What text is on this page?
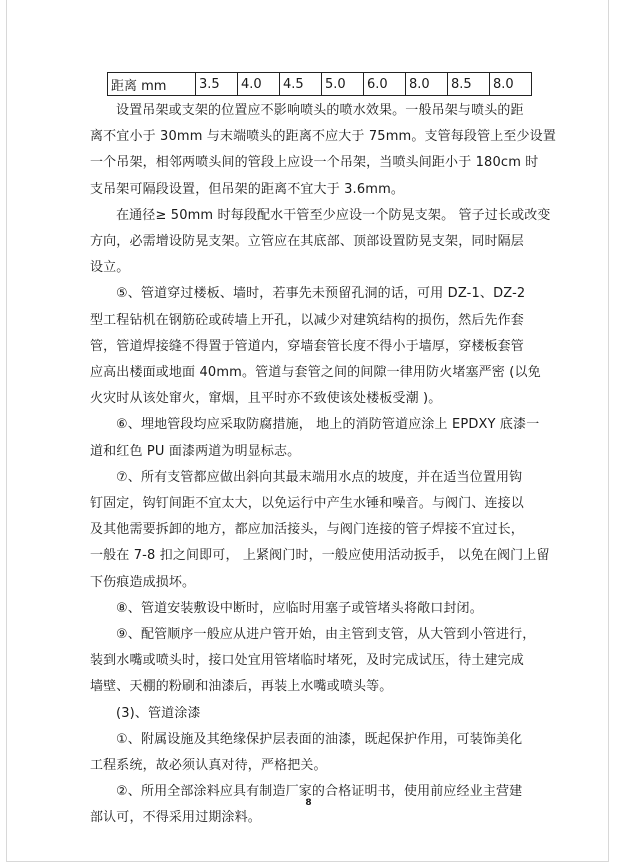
距离 mm	3.5	4.0	4.5	5.0	6.0	8.0	8.5	8.0

设置吊架或支架的位置应不影响喷头的喷水效果。一般吊架与喷头的距

离不宜小于 30mm 与末端喷头的距离不应大于 75mm。支管每段管上至少设置

一个吊架，相邻两喷头间的管段上应设一个吊架，当喷头间距小于 180cm 时

支吊架可隔段设置，但吊架的距离不宜大于 3.6mm。

在通径≥ 50mm 时每段配水干管至少应设一个防晃支架。 管子过长或改变

方向，必需增设防晃支架。立管应在其底部、顶部设置防晃支架，同时隔层

设立。

⑤、管道穿过楼板、墙时，若事先未预留孔洞的话，可用 DZ-1、DZ-2

型工程钻机在钢筋砼或砖墙上开孔，以减少对建筑结构的损伤，然后先作套

管，管道焊接缝不得置于管道内，穿墙套管长度不得小于墙厚，穿楼板套管

应高出楼面或地面 40mm。管道与套管之间的间隙一律用防火堵塞严密 (以免

火灾时从该处窜火，窜烟，且平时亦不致使该处楼板受潮 )。

⑥、埋地管段均应采取防腐措施， 地上的消防管道应涂上 EPDXY 底漆一

道和红色 PU 面漆两道为明显标志。

⑦、所有支管都应做出斜向其最末端用水点的坡度，并在适当位置用钩

钉固定，钩钉间距不宜太大，以免运行中产生水锤和噪音。与阀门、连接以

及其他需要拆卸的地方，都应加活接头，与阀门连接的管子焊接不宜过长，

一般在 7-8 扣之间即可， 上紧阀门时，一般应使用活动扳手， 以免在阀门上留

下伤痕造成损坏。

⑧、管道安装敷设中断时，应临时用塞子或管堵头将敞口封闭。

⑨、配管顺序一般应从进户管开始，由主管到支管，从大管到小管进行，

装到水嘴或喷头时，接口处宜用管堵临时堵死，及时完成试压，待土建完成

墙壁、天棚的粉刷和油漆后，再装上水嘴或喷头等。

(3)、管道涂漆

①、附属设施及其绝缘保护层表面的油漆，既起保护作用，可装饰美化

工程系统，故必须认真对待，严格把关。

②、所用全部涂料应具有制造厂家的合格证明书，使用前应经业主营建

部认可，不得采用过期涂料。

8
